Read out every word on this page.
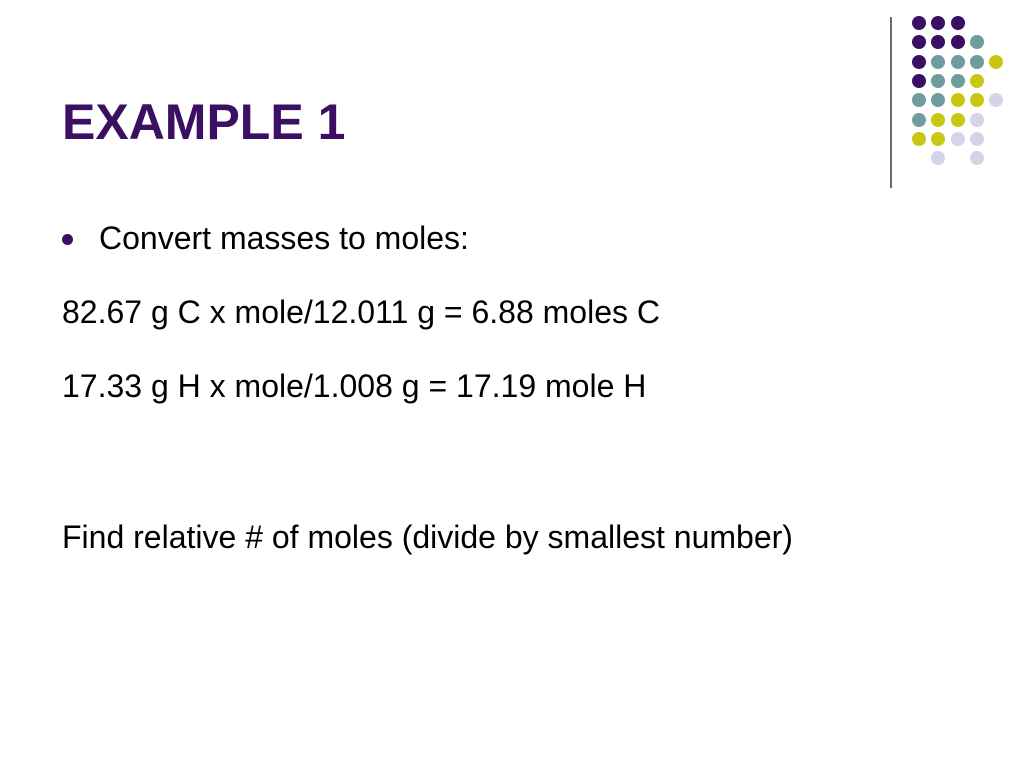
EXAMPLE 1
Convert masses to moles:

82.67 g C x mole/12.011 g = 6.88 moles C

17.33 g H x mole/1.008 g = 17.19 mole H

Find relative # of moles (divide by smallest number)
